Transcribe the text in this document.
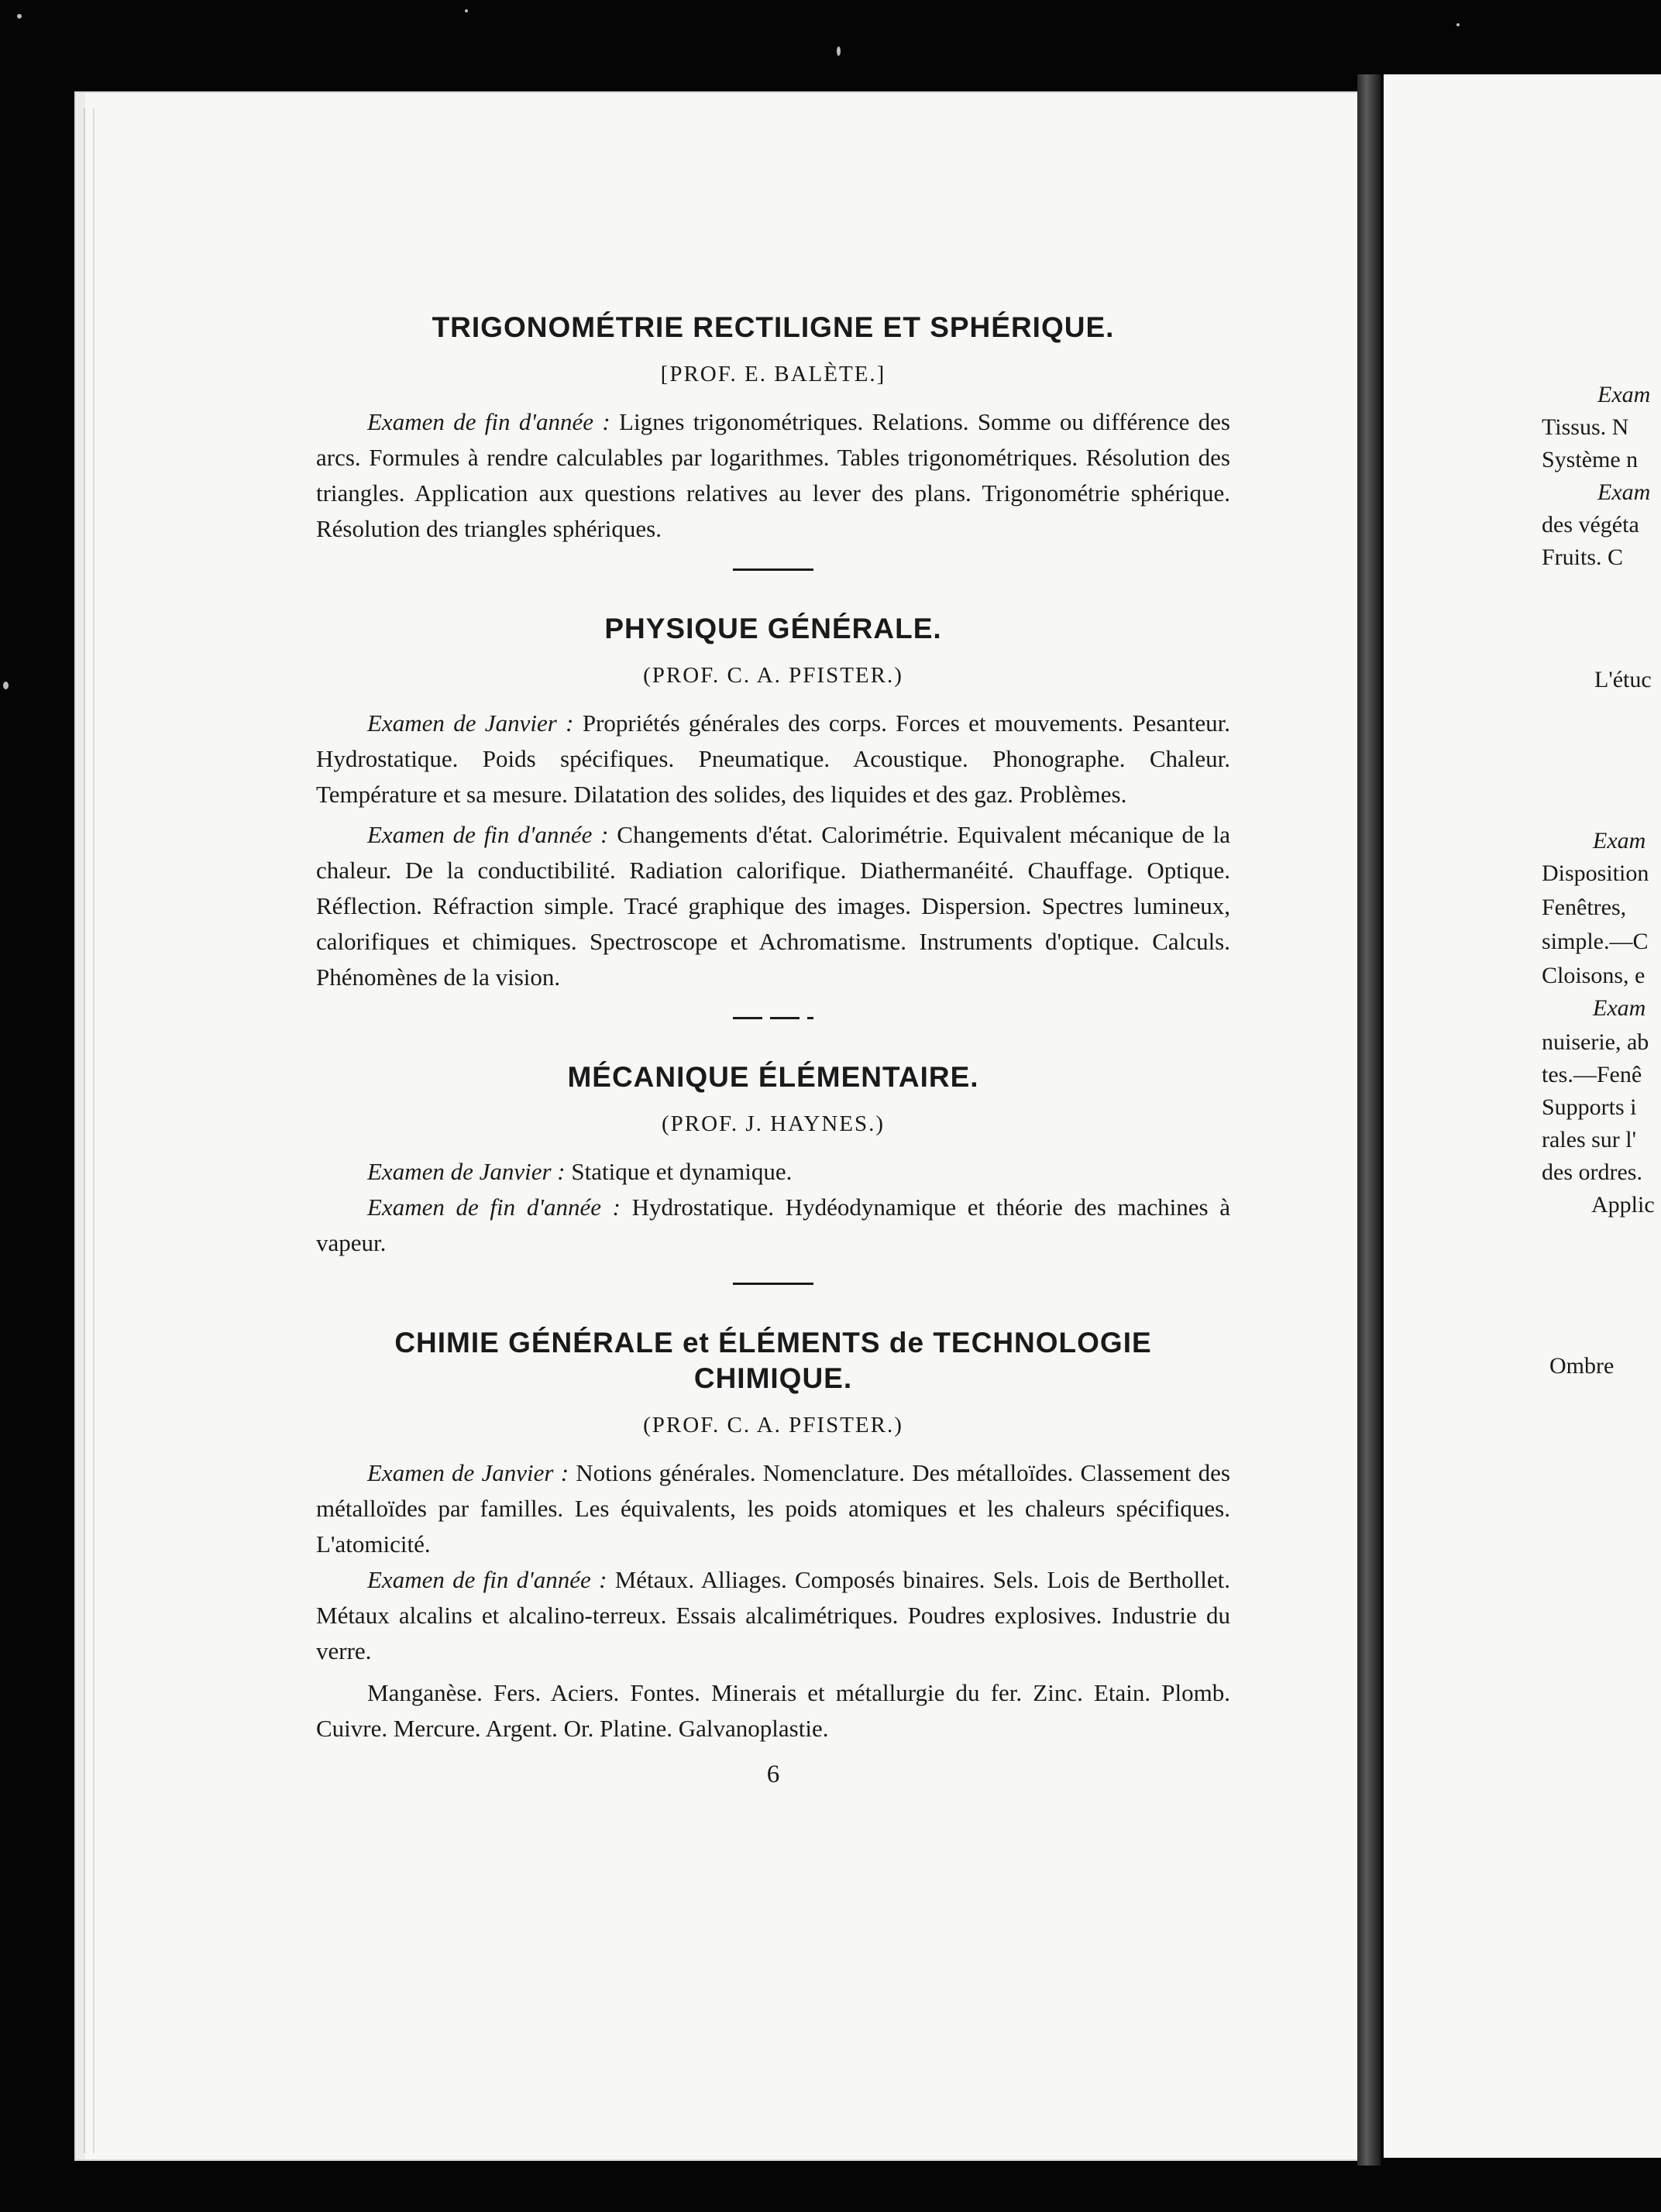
TRIGONOMÉTRIE RECTILIGNE ET SPHÉRIQUE.
[PROF. E. BALÈTE.]

Examen de fin d'année : Lignes trigonométriques. Relations. Somme ou différence des arcs. Formules à rendre calculables par logarithmes. Tables trigonométriques. Résolution des triangles. Application aux questions relatives au lever des plans. Trigonométrie sphérique. Résolution des triangles sphériques.

PHYSIQUE GÉNÉRALE.
(PROF. C. A. PFISTER.)

Examen de Janvier : Propriétés générales des corps. Forces et mouvements. Pesanteur. Hydrostatique. Poids spécifiques. Pneumatique. Acoustique. Phonographe. Chaleur. Température et sa mesure. Dilatation des solides, des liquides et des gaz. Problèmes.

Examen de fin d'année : Changements d'état. Calorimétrie. Equivalent mécanique de la chaleur. De la conductibilité. Radiation calorifique. Diathermanéité. Chauffage. Optique. Réflection. Réfraction simple. Tracé graphique des images. Dispersion. Spectres lumineux, calorifiques et chimiques. Spectroscope et Achromatisme. Instruments d'optique. Calculs. Phénomènes de la vision.

MÉCANIQUE ÉLÉMENTAIRE.
(PROF. J. HAYNES.)

Examen de Janvier : Statique et dynamique.

Examen de fin d'année : Hydrostatique. Hydéodynamique et théorie des machines à vapeur.

CHIMIE GÉNÉRALE et ÉLÉMENTS de TECHNOLOGIE CHIMIQUE.
(PROF. C. A. PFISTER.)

Examen de Janvier : Notions générales. Nomenclature. Des métalloïdes. Classement des métalloïdes par familles. Les équivalents, les poids atomiques et les chaleurs spécifiques. L'atomicité.

Examen de fin d'année : Métaux. Alliages. Composés binaires. Sels. Lois de Berthollet. Métaux alcalins et alcalino-terreux. Essais alcalimétriques. Poudres explosives. Industrie du verre.

Manganèse. Fers. Aciers. Fontes. Minerais et métallurgie du fer. Zinc. Etain. Plomb. Cuivre. Mercure. Argent. Or. Platine. Galvanoplastie.

6
Exam
Tissus. N
Système n
Exam
des végéta
Fruits. C
L'étuc
Exam
Disposition
Fenêtres,
simple.—C
Cloisons, e
Exam
nuiserie, ab
tes.—Fenê
Supports i
rales sur l'
des ordres.
Applic
Ombre
